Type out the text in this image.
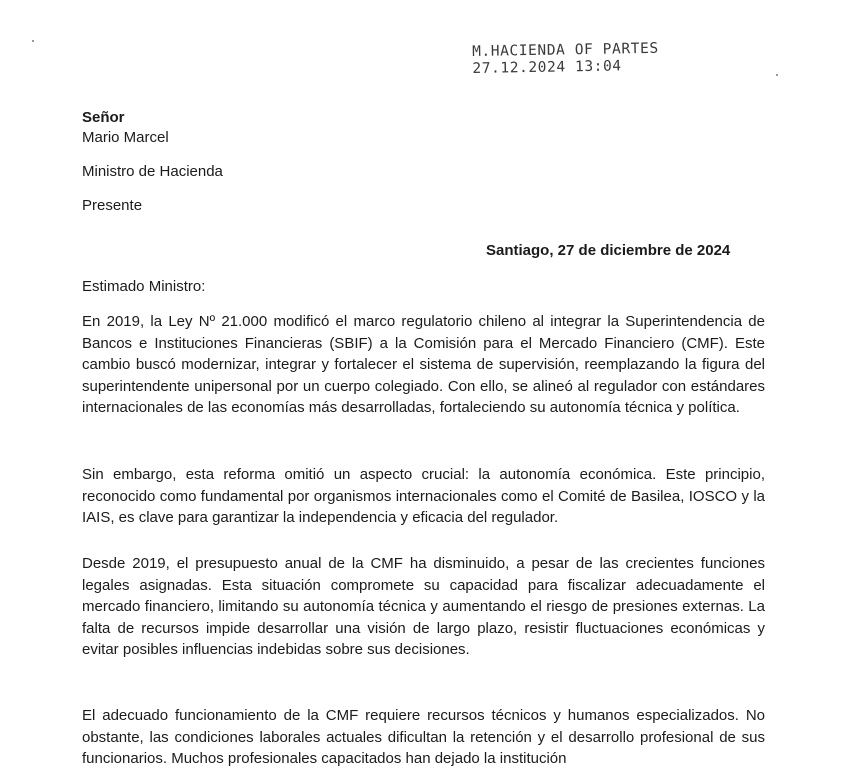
M.HACIENDA OF PARTES
27.12.2024 13:04
Señor
Mario Marcel
Ministro de Hacienda
Presente
Santiago, 27 de diciembre de 2024
Estimado Ministro:

En 2019, la Ley Nº 21.000 modificó el marco regulatorio chileno al integrar la Superintendencia de Bancos e Instituciones Financieras (SBIF) a la Comisión para el Mercado Financiero (CMF). Este cambio buscó modernizar, integrar y fortalecer el sistema de supervisión, reemplazando la figura del superintendente unipersonal por un cuerpo colegiado. Con ello, se alineó al regulador con estándares internacionales de las economías más desarrolladas, fortaleciendo su autonomía técnica y política.

Sin embargo, esta reforma omitió un aspecto crucial: la autonomía económica. Este principio, reconocido como fundamental por organismos internacionales como el Comité de Basilea, IOSCO y la IAIS, es clave para garantizar la independencia y eficacia del regulador.

Desde 2019, el presupuesto anual de la CMF ha disminuido, a pesar de las crecientes funciones legales asignadas. Esta situación compromete su capacidad para fiscalizar adecuadamente el mercado financiero, limitando su autonomía técnica y aumentando el riesgo de presiones externas. La falta de recursos impide desarrollar una visión de largo plazo, resistir fluctuaciones económicas y evitar posibles influencias indebidas sobre sus decisiones.

El adecuado funcionamiento de la CMF requiere recursos técnicos y humanos especializados. No obstante, las condiciones laborales actuales dificultan la retención y el desarrollo profesional de sus funcionarios. Muchos profesionales capacitados han dejado la institución
